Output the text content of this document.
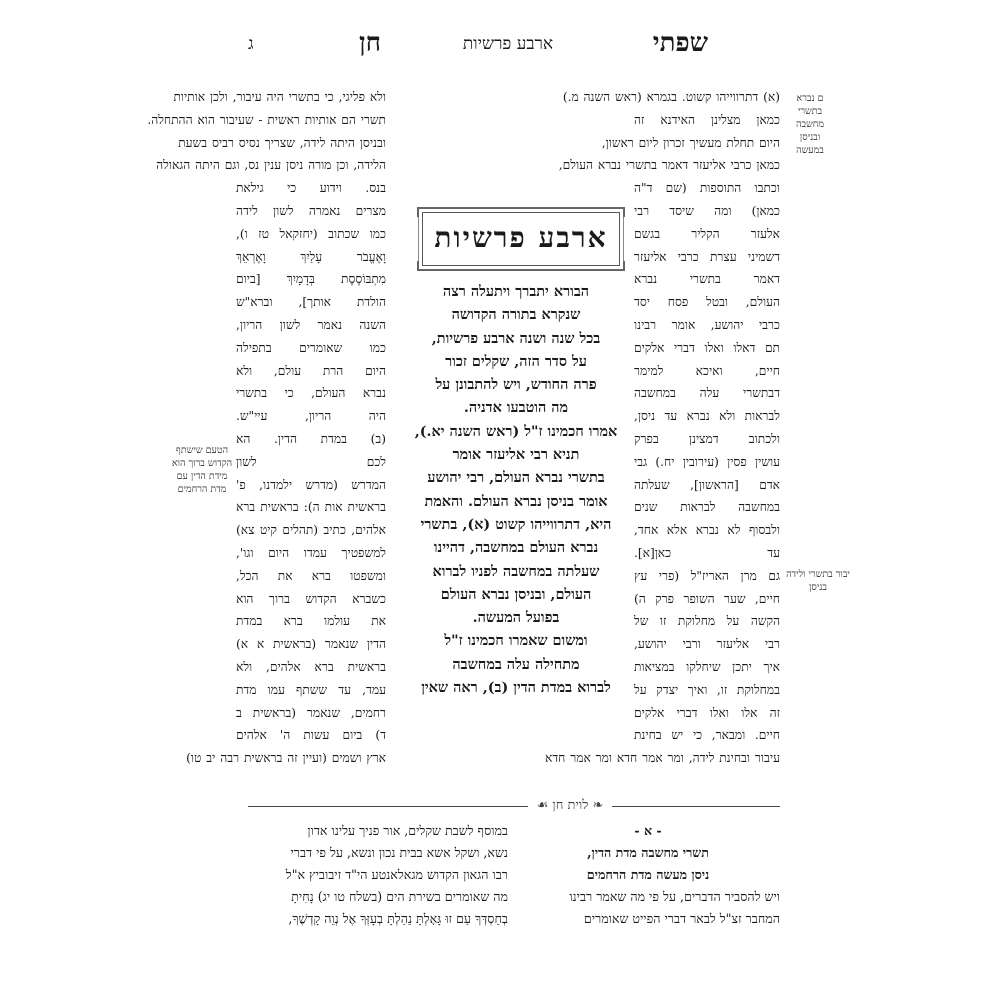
שפתי
ארבע פרשיות
חן
ג
ם נברא בתשרי מחשבה ובניסן במעשה
הטעם שישתף הקדוש ברוך הוא מידת הדין עם מדת הרחמים
יבור בתשרי ולידה בניסן
(א) דתרווייהו קשוט. בגמרא (ראש השנה מ.)
כמאן מצלינן האידנא זה
היום תחלת מעשיך זכרון ליום ראשון,
כמאן כרבי אליעזר דאמר בתשרי נברא העולם,
וכתבו התוספות (שם ד"ה
כמאן) ומה שיסד רבי
אלעזר הקליר בגשם
דשמיני עצרת כרבי אליעזר
דאמר בתשרי נברא
העולם, ובטל פסח יסד
כרבי יהושע, אומר רבינו
תם דאלו ואלו דברי אלקים
חיים, ואיכא למימר
דבתשרי עלה במחשבה
לבראות ולא נברא עד ניסן,
ולכתוב דמצינן בפרק
עושין פסין (עירובין יח.) גבי
אדם [הראשון], שעלתה
במחשבה לבראות שנים
ולבסוף לא נברא אלא אחד,
עד כאן[א].
גם מרן האריז"ל (פרי עץ
חיים, שער השופר פרק ה)
הקשה על מחלוקת זו של
רבי אליעזר ורבי יהושע,
איך יתכן שיחלקו במציאות
במחלוקת זו, ואיך יצדק על
זה אלו ואלו דברי אלקים
חיים. ומבאר, כי יש בחינת
עיבור ובחינת לידה, ומר אמר חדא ומר אמר חדא
ארבע פרשיות
הבורא יתברך ויתעלה רצה
שנקרא בתורה הקדושה
בכל שנה ושנה ארבע פרשיות,
על סדר הזה, שקלים זכור
פרה החודש, ויש להתבונן על
מה הוטבעו אדניה.
אמרו חכמינו ז"ל (ראש השנה יא.),
תניא רבי אליעזר אומר
בתשרי נברא העולם, רבי יהושע
אומר בניסן נברא העולם. והאמת
היא, דתרווייהו קשוט (א), בתשרי
נברא העולם במחשבה, דהיינו
שעלתה במחשבה לפניו לברוא
העולם, ובניסן נברא העולם
בפועל המעשה.
ומשום שאמרו חכמינו ז"ל
מתחילה עלה במחשבה
לברוא במדת הדין (ב), ראה שאין
ולא פליגי, כי בתשרי היה עיבור, ולכן אותיות
תשרי הם אותיות ראשית - שעיבור הוא ההתחלה.
ובניסן היתה לידה, שצריך נסיס רביס בשעת
הלידה, וכן מורה ניסן ענין נס, וגם היתה הגאולה
בנס. וידוע כי גילאת
מצרים נאמרה לשון לידה
כמו שכתוב (יחזקאל טז ו),
וָאֶעֱבֹר עָלַיִךְ וָאֶרְאֵךְ
מִתְבּוֹסֶסֶת בְּדָמָיִךְ [ביום
הולדת אותך], וברא"ש
השנה נאמר לשון הריון,
כמו שאומרים בתפילה
היום הרת עולם, ולא
נברא העולם, כי בתשרי
היה הריון, עיי"ש.
(ב) במדת הדין. הא
לכם לשון
המדרש (מדרש ילמדנו, פ'
בראשית אות ה): בראשית ברא
אלהים, כתיב (תהלים קיט צא)
למשפטיך עמדו היום וגו',
ומשפטו ברא את הכל,
כשברא הקדוש ברוך הוא
את עולמו ברא במדת
הדין שנאמר (בראשית א א)
בראשית ברא אלהים, ולא
עמד, עד ששתף עמו מדת
רחמים, שנאמר (בראשית ב
ד) ביום עשות ה' אלהים
ארץ ושמים (ועיין זה בראשית רבה יב טו)
❧ לוית חן ☙
- א -
תשרי מחשבה מדת הדין,
ניסן מעשה מדת הרחמים
ויש להסביר הדברים, על פי מה שאמר רבינו
המחבר זצ"ל לבאר דברי הפייט שאומרים
במוסף לשבת שקלים, אור פניך עלינו אדון
נשא, ושקל אשא בבית נכון ונשא, על פי דברי
רבו הגאון הקדוש מגאלאנטע הי"ד זיבוביץ א"ל
מה שאומרים בשירת הים (בשלח טו יג) נָחִיתָ
בְחַסְדְּךָ עַם זוּ גָּאָלְתָּ נֵהַלְתָּ בְעָזְּךָ אֶל נְוֵה קָדְשֶׁךָ,
